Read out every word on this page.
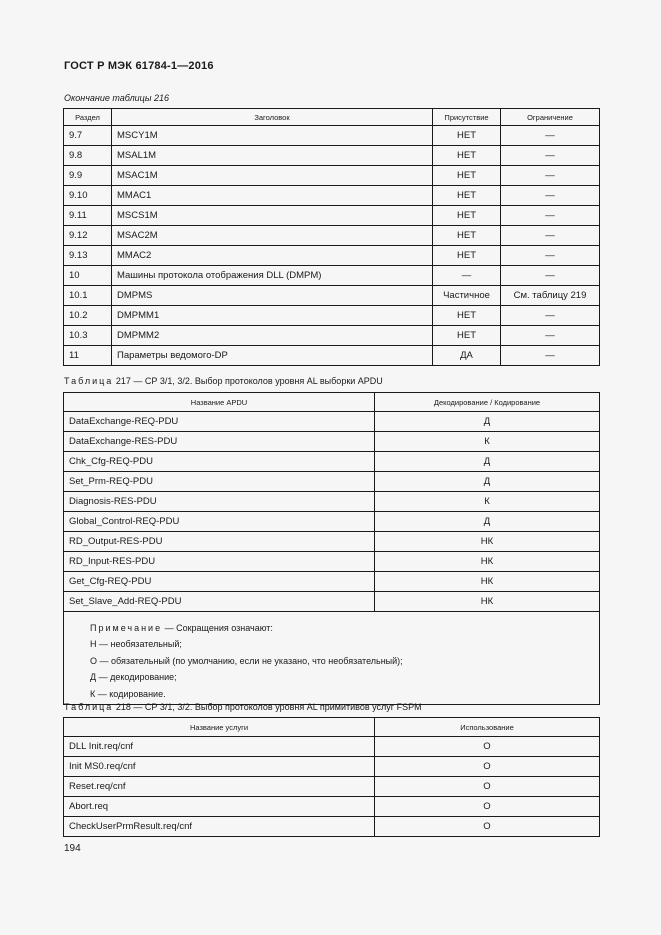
ГОСТ Р МЭК 61784-1—2016
Окончание таблицы 216
Раздел	Заголовок	Присутствие	Ограничение
9.7	MSCY1M	НЕТ	—
9.8	MSAL1M	НЕТ	—
9.9	MSAC1M	НЕТ	—
9.10	MMAC1	НЕТ	—
9.11	MSCS1M	НЕТ	—
9.12	MSAC2M	НЕТ	—
9.13	MMAC2	НЕТ	—
10	Машины протокола отображения DLL (DMPM)	—	—
10.1	DMPMS	Частичное	См. таблицу 219
10.2	DMPMM1	НЕТ	—
10.3	DMPMM2	НЕТ	—
11	Параметры ведомого-DP	ДА	—
Таблица 217 — СР 3/1, 3/2. Выбор протоколов уровня AL выборки APDU
Название APDU	Декодирование / Кодирование
DataExchange-REQ-PDU	Д
DataExchange-RES-PDU	К
Chk_Cfg-REQ-PDU	Д
Set_Prm-REQ-PDU	Д
Diagnosis-RES-PDU	К
Global_Control-REQ-PDU	Д
RD_Output-RES-PDU	НК
RD_Input-RES-PDU	НК
Get_Cfg-REQ-PDU	НК
Set_Slave_Add-REQ-PDU	НК

Примечание — Сокращения означают:
Н — необязательный;
О — обязательный (по умолчанию, если не указано, что необязательный);
Д — декодирование;
К — кодирование.	
Таблица 218 — СР 3/1, 3/2. Выбор протоколов уровня AL примитивов услуг FSPM
Название услуги	Использование
DLL Init.req/cnf	О
Init MS0.req/cnf	О
Reset.req/cnf	О
Abort.req	О
CheckUserPrmResult.req/cnf	О
194
